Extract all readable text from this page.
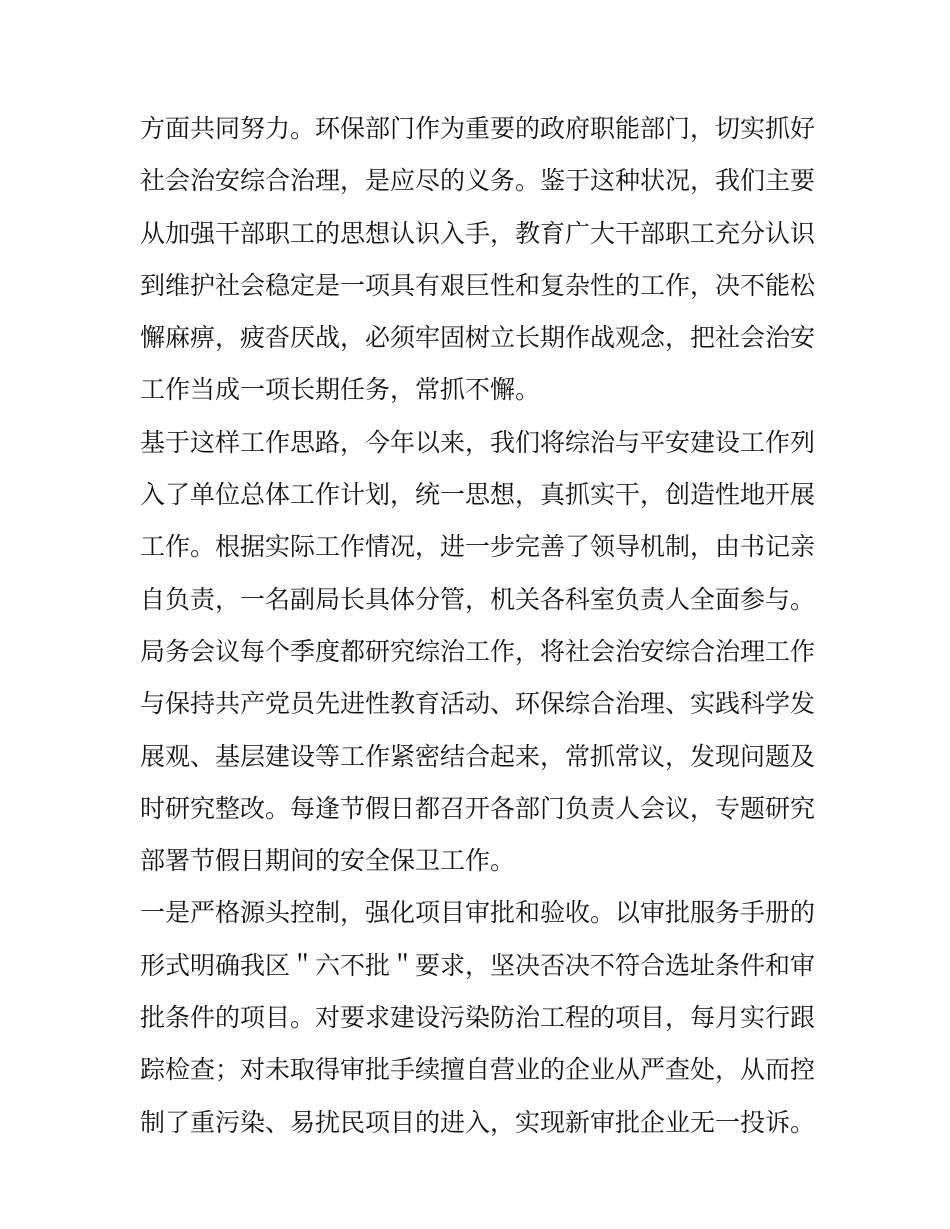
方面共同努力。环保部门作为重要的政府职能部门，切实抓好
社会治安综合治理，是应尽的义务。鉴于这种状况，我们主要
从加强干部职工的思想认识入手，教育广大干部职工充分认识
到维护社会稳定是一项具有艰巨性和复杂性的工作，决不能松
懈麻痹，疲沓厌战，必须牢固树立长期作战观念，把社会治安
工作当成一项长期任务，常抓不懈。
基于这样工作思路，今年以来，我们将综治与平安建设工作列
入了单位总体工作计划，统一思想，真抓实干，创造性地开展
工作。根据实际工作情况，进一步完善了领导机制，由书记亲
自负责，一名副局长具体分管，机关各科室负责人全面参与。
局务会议每个季度都研究综治工作，将社会治安综合治理工作
与保持共产党员先进性教育活动、环保综合治理、实践科学发
展观、基层建设等工作紧密结合起来，常抓常议，发现问题及
时研究整改。每逢节假日都召开各部门负责人会议，专题研究
部署节假日期间的安全保卫工作。
一是严格源头控制，强化项目审批和验收。以审批服务手册的
形式明确我区＂六不批＂要求，坚决否决不符合选址条件和审
批条件的项目。对要求建设污染防治工程的项目，每月实行跟
踪检查；对未取得审批手续擅自营业的企业从严查处，从而控
制了重污染、易扰民项目的进入，实现新审批企业无一投诉。
